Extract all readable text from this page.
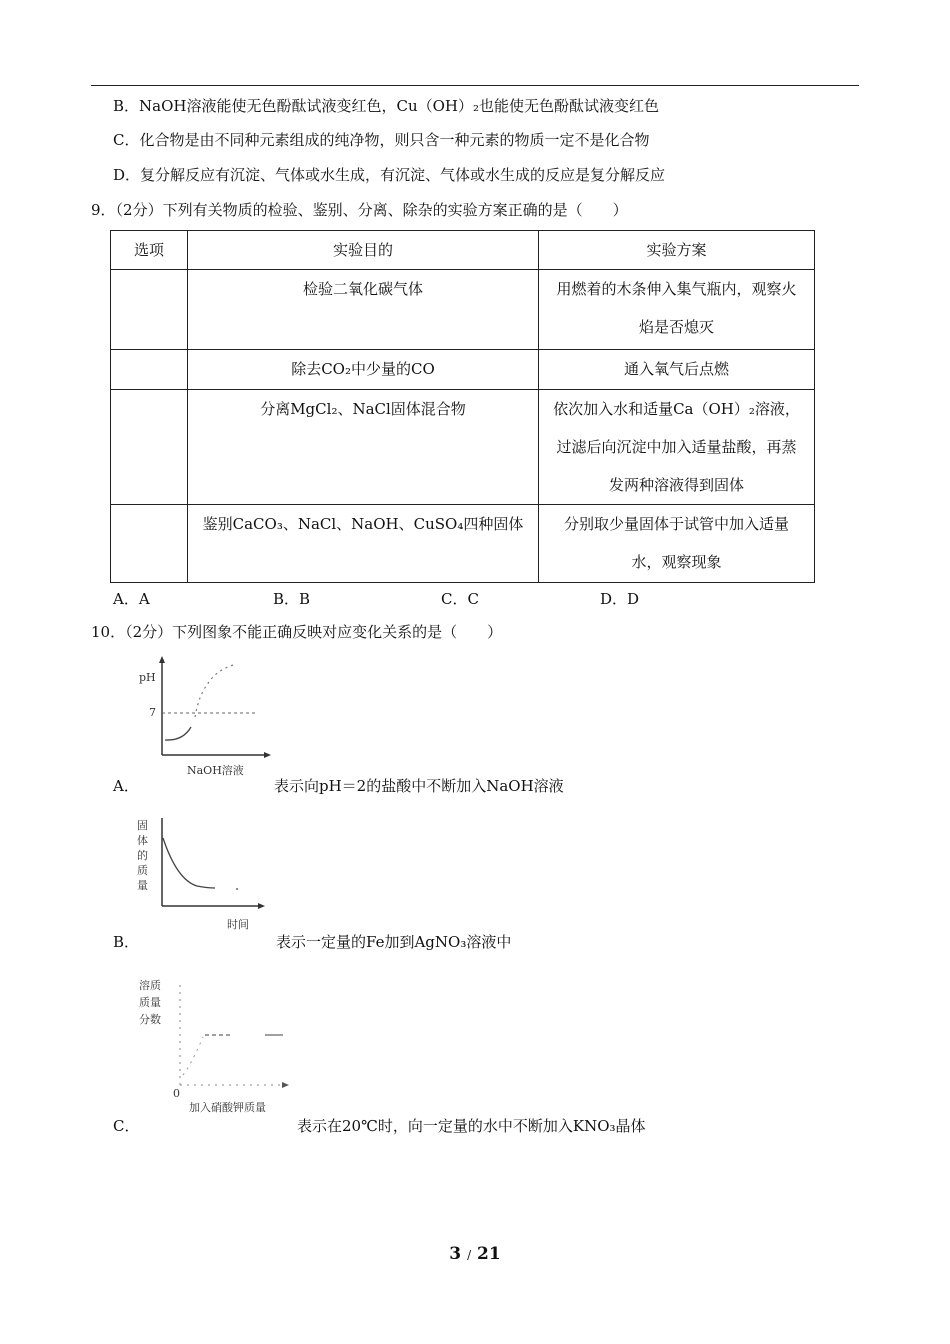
B．NaOH溶液能使无色酚酞试液变红色，Cu（OH）₂也能使无色酚酞试液变红色
C．化合物是由不同种元素组成的纯净物，则只含一种元素的物质一定不是化合物
D．复分解反应有沉淀、气体或水生成，有沉淀、气体或水生成的反应是复分解反应
9．（2分）下列有关物质的检验、鉴别、分离、除杂的实验方案正确的是（　　）
选项	实验目的	实验方案
	检验二氧化碳气体	用燃着的木条伸入集气瓶内，观察火
焰是否熄灭

	除去CO₂中少量的CO	通入氧气后点燃

	分离MgCl₂、NaCl固体混合物	依次加入水和适量Ca（OH）₂溶液，
过滤后向沉淀中加入适量盐酸，再蒸
发两种溶液得到固体

	鉴别CaCO₃、NaCl、NaOH、CuSO₄四种固体	分别取少量固体于试管中加入适量
水，观察现象
A．A	B．B	C．C	D．D
10．（2分）下列图象不能正确反映对应变化关系的是（　　）
pH
7
NaOH溶液
A．	表示向pH＝2的盐酸中不断加入NaOH溶液
固体的质量
时间
B．	表示一定量的Fe加到AgNO₃溶液中
溶质质量分数
0
加入硝酸钾质量
C．	表示在20℃时，向一定量的水中不断加入KNO₃晶体
3 / 21
